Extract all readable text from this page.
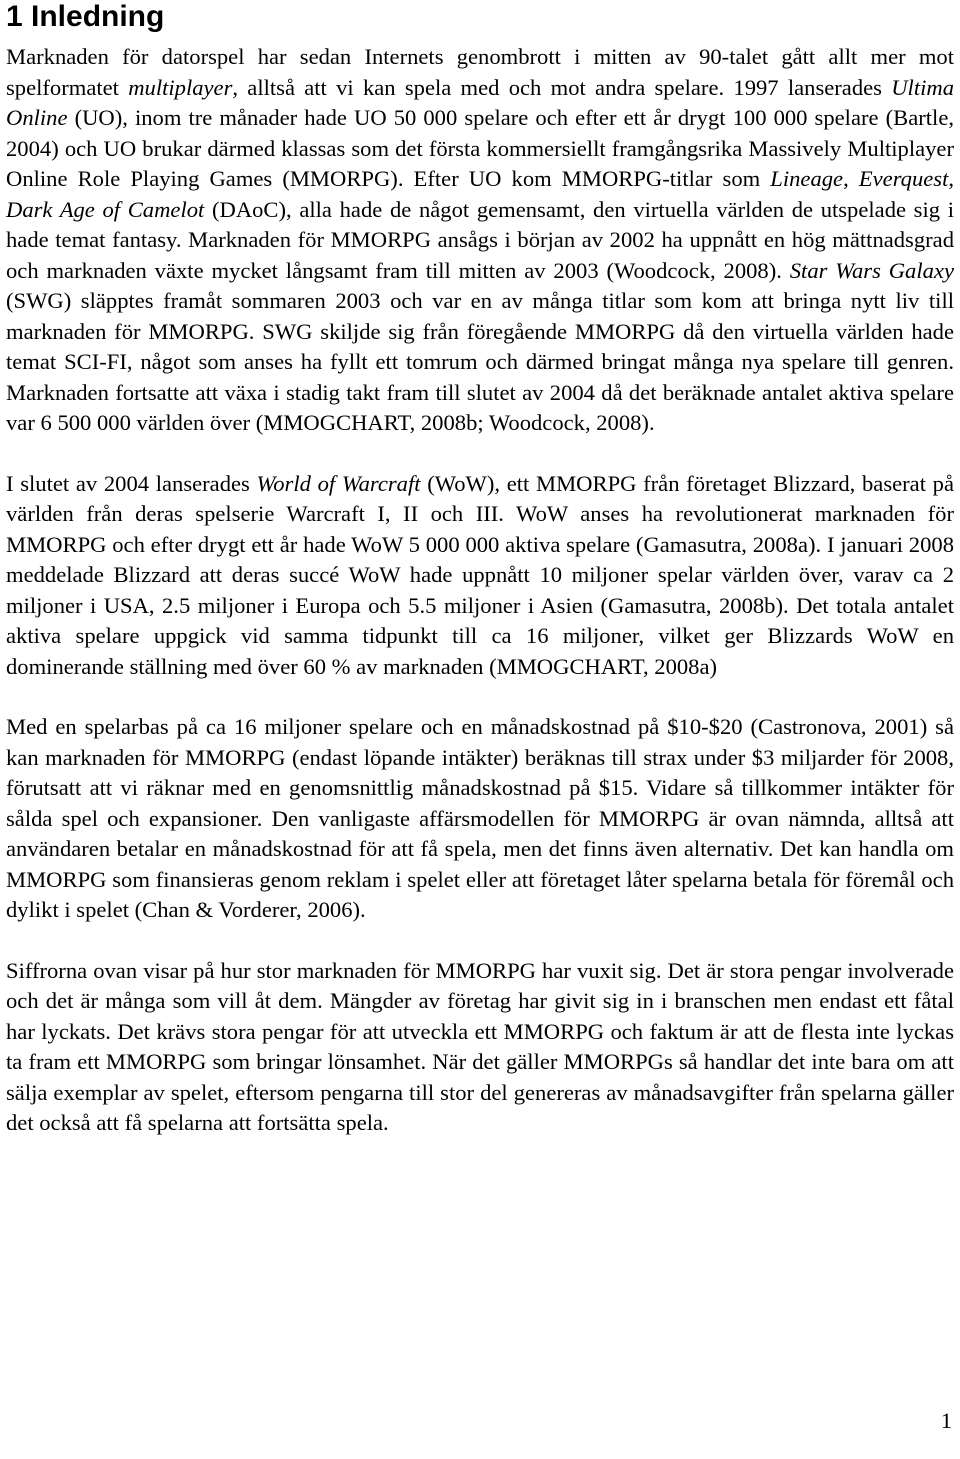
1 Inledning

Marknaden för datorspel har sedan Internets genombrott i mitten av 90-talet gått allt mer mot spelformatet multiplayer, alltså att vi kan spela med och mot andra spelare. 1997 lanserades Ultima Online (UO), inom tre månader hade UO 50 000 spelare och efter ett år drygt 100 000 spelare (Bartle, 2004) och UO brukar därmed klassas som det första kommersiellt framgångsrika Massively Multiplayer Online Role Playing Games (MMORPG). Efter UO kom MMORPG-titlar som Lineage, Everquest, Dark Age of Camelot (DAoC), alla hade de något gemensamt, den virtuella världen de utspelade sig i hade temat fantasy. Marknaden för MMORPG ansågs i början av 2002 ha uppnått en hög mättnadsgrad och marknaden växte mycket långsamt fram till mitten av 2003 (Woodcock, 2008). Star Wars Galaxy (SWG) släpptes framåt sommaren 2003 och var en av många titlar som kom att bringa nytt liv till marknaden för MMORPG. SWG skiljde sig från föregående MMORPG då den virtuella världen hade temat SCI-FI, något som anses ha fyllt ett tomrum och därmed bringat många nya spelare till genren. Marknaden fortsatte att växa i stadig takt fram till slutet av 2004 då det beräknade antalet aktiva spelare var 6 500 000 världen över (MMOGCHART, 2008b; Woodcock, 2008).

I slutet av 2004 lanserades World of Warcraft (WoW), ett MMORPG från företaget Blizzard, baserat på världen från deras spelserie Warcraft I, II och III. WoW anses ha revolutionerat marknaden för MMORPG och efter drygt ett år hade WoW 5 000 000 aktiva spelare (Gamasutra, 2008a). I januari 2008 meddelade Blizzard att deras succé WoW hade uppnått 10 miljoner spelar världen över, varav ca 2 miljoner i USA, 2.5 miljoner i Europa och 5.5 miljoner i Asien (Gamasutra, 2008b). Det totala antalet aktiva spelare uppgick vid samma tidpunkt till ca 16 miljoner, vilket ger Blizzards WoW en dominerande ställning med över 60 % av marknaden (MMOGCHART, 2008a)

Med en spelarbas på ca 16 miljoner spelare och en månadskostnad på $10-$20 (Castronova, 2001) så kan marknaden för MMORPG (endast löpande intäkter) beräknas till strax under $3 miljarder för 2008, förutsatt att vi räknar med en genomsnittlig månadskostnad på $15. Vidare så tillkommer intäkter för sålda spel och expansioner. Den vanligaste affärsmodellen för MMORPG är ovan nämnda, alltså att användaren betalar en månadskostnad för att få spela, men det finns även alternativ. Det kan handla om MMORPG som finansieras genom reklam i spelet eller att företaget låter spelarna betala för föremål och dylikt i spelet (Chan & Vorderer, 2006).

Siffrorna ovan visar på hur stor marknaden för MMORPG har vuxit sig. Det är stora pengar involverade och det är många som vill åt dem. Mängder av företag har givit sig in i branschen men endast ett fåtal har lyckats. Det krävs stora pengar för att utveckla ett MMORPG och faktum är att de flesta inte lyckas ta fram ett MMORPG som bringar lönsamhet. När det gäller MMORPGs så handlar det inte bara om att sälja exemplar av spelet, eftersom pengarna till stor del genereras av månadsavgifter från spelarna gäller det också att få spelarna att fortsätta spela.

1
